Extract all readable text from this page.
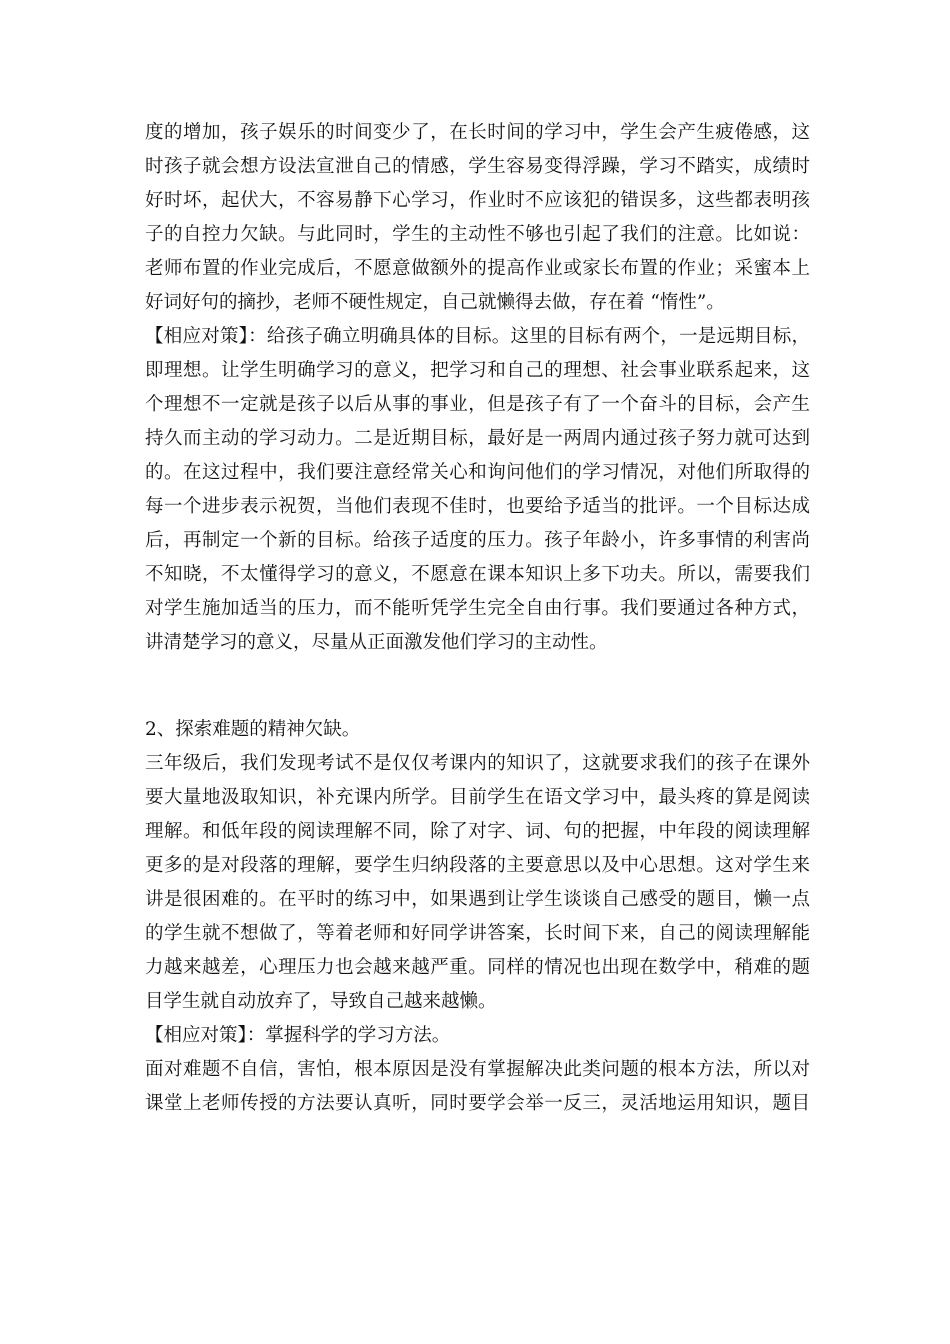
度的增加，孩子娱乐的时间变少了，在长时间的学习中，学生会产生疲倦感，这
时孩子就会想方设法宣泄自己的情感，学生容易变得浮躁，学习不踏实，成绩时
好时坏，起伏大，不容易静下心学习，作业时不应该犯的错误多，这些都表明孩
子的自控力欠缺。与此同时，学生的主动性不够也引起了我们的注意。比如说：
老师布置的作业完成后，不愿意做额外的提高作业或家长布置的作业；采蜜本上
好词好句的摘抄，老师不硬性规定，自己就懒得去做，存在着 “惰性”。
【相应对策】：给孩子确立明确具体的目标。这里的目标有两个，一是远期目标，
即理想。让学生明确学习的意义，把学习和自己的理想、社会事业联系起来，这
个理想不一定就是孩子以后从事的事业，但是孩子有了一个奋斗的目标，会产生
持久而主动的学习动力。二是近期目标，最好是一两周内通过孩子努力就可达到
的。在这过程中，我们要注意经常关心和询问他们的学习情况，对他们所取得的
每一个进步表示祝贺，当他们表现不佳时，也要给予适当的批评。一个目标达成
后，再制定一个新的目标。给孩子适度的压力。孩子年龄小，许多事情的利害尚
不知晓，不太懂得学习的意义，不愿意在课本知识上多下功夫。所以，需要我们
对学生施加适当的压力，而不能听凭学生完全自由行事。我们要通过各种方式，
讲清楚学习的意义，尽量从正面激发他们学习的主动性。
2、探索难题的精神欠缺。
三年级后，我们发现考试不是仅仅考课内的知识了，这就要求我们的孩子在课外
要大量地汲取知识，补充课内所学。目前学生在语文学习中，最头疼的算是阅读
理解。和低年段的阅读理解不同，除了对字、词、句的把握，中年段的阅读理解
更多的是对段落的理解，要学生归纳段落的主要意思以及中心思想。这对学生来
讲是很困难的。在平时的练习中，如果遇到让学生谈谈自己感受的题目，懒一点
的学生就不想做了，等着老师和好同学讲答案，长时间下来，自己的阅读理解能
力越来越差，心理压力也会越来越严重。同样的情况也出现在数学中，稍难的题
目学生就自动放弃了，导致自己越来越懒。
【相应对策】：掌握科学的学习方法。
面对难题不自信，害怕，根本原因是没有掌握解决此类问题的根本方法，所以对
课堂上老师传授的方法要认真听，同时要学会举一反三，灵活地运用知识，题目
